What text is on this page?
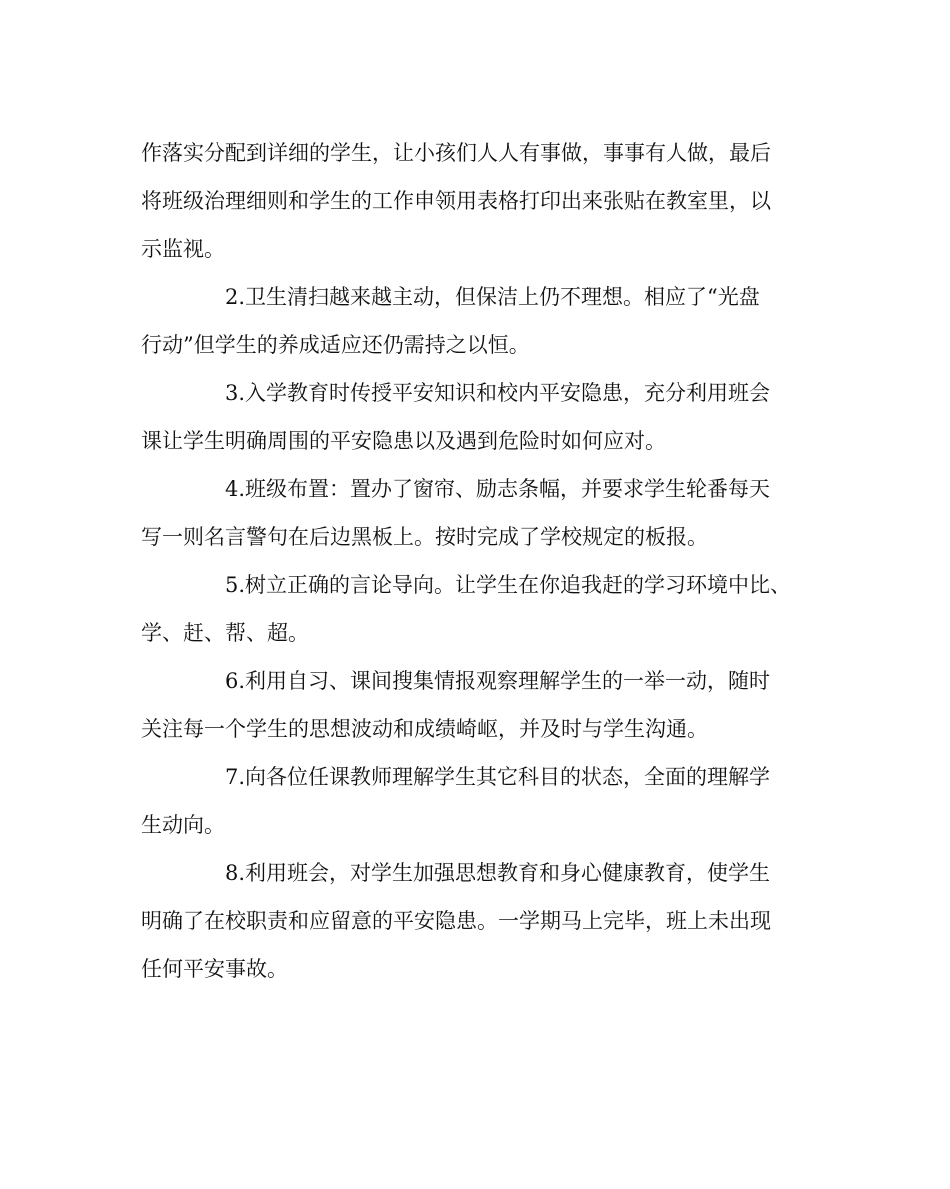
作落实分配到详细的学生，让小孩们人人有事做，事事有人做，最后
将班级治理细则和学生的工作申领用表格打印出来张贴在教室里，以
示监视。
2.卫生清扫越来越主动，但保洁上仍不理想。相应了“光盘
行动”但学生的养成适应还仍需持之以恒。
3.入学教育时传授平安知识和校内平安隐患，充分利用班会
课让学生明确周围的平安隐患以及遇到危险时如何应对。
4.班级布置：置办了窗帘、励志条幅，并要求学生轮番每天
写一则名言警句在后边黑板上。按时完成了学校规定的板报。
5.树立正确的言论导向。让学生在你追我赶的学习环境中比、
学、赶、帮、超。
6.利用自习、课间搜集情报观察理解学生的一举一动，随时
关注每一个学生的思想波动和成绩崎岖，并及时与学生沟通。
7.向各位任课教师理解学生其它科目的状态，全面的理解学
生动向。
8.利用班会，对学生加强思想教育和身心健康教育，使学生
明确了在校职责和应留意的平安隐患。一学期马上完毕，班上未出现
任何平安事故。
